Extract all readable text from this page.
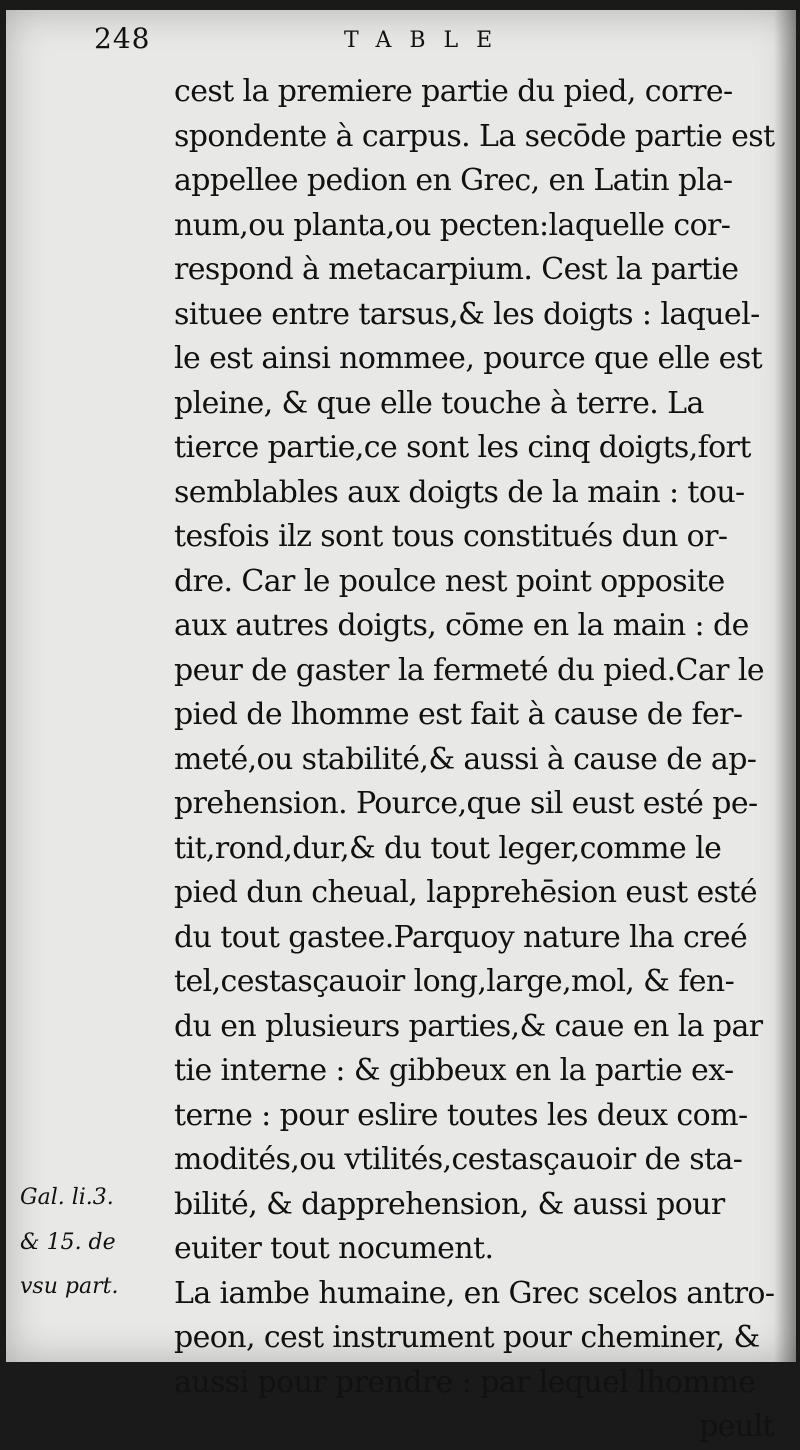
248	TABLE
cest la premiere partie du pied, corre-
spondente à carpus. La secōde partie est
appellee pedion en Grec, en Latin pla-
num,ou planta,ou pecten:laquelle cor-
respond à metacarpium. Cest la partie
situee entre tarsus,& les doigts : laquel-
le est ainsi nommee, pource que elle est
pleine, & que elle touche à terre. La
tierce partie,ce sont les cinq doigts,fort
semblables aux doigts de la main : tou-
tesfois ilz sont tous constitués dun or-
dre. Car le poulce nest point opposite
aux autres doigts, cōme en la main : de
peur de gaster la fermeté du pied.Car le
pied de lhomme est fait à cause de fer-
meté,ou stabilité,& aussi à cause de ap-
prehension. Pource,que sil eust esté pe-
tit,rond,dur,& du tout leger,comme le
pied dun cheual, lapprehēsion eust esté
du tout gastee.Parquoy nature lha creé
tel,cestasçauoir long,large,mol, & fen-
du en plusieurs parties,& caue en la par
tie interne : & gibbeux en la partie ex-
terne : pour eslire toutes les deux com-
modités,ou vtilités,cestasçauoir de sta-
bilité, & dapprehension, & aussi pour
euiter tout nocument.
La iambe humaine, en Grec scelos antro-
peon, cest instrument pour cheminer, &
aussi pour prendre : par lequel lhomme
peult
Gal. li.3.
& 15. de
vsu part.
